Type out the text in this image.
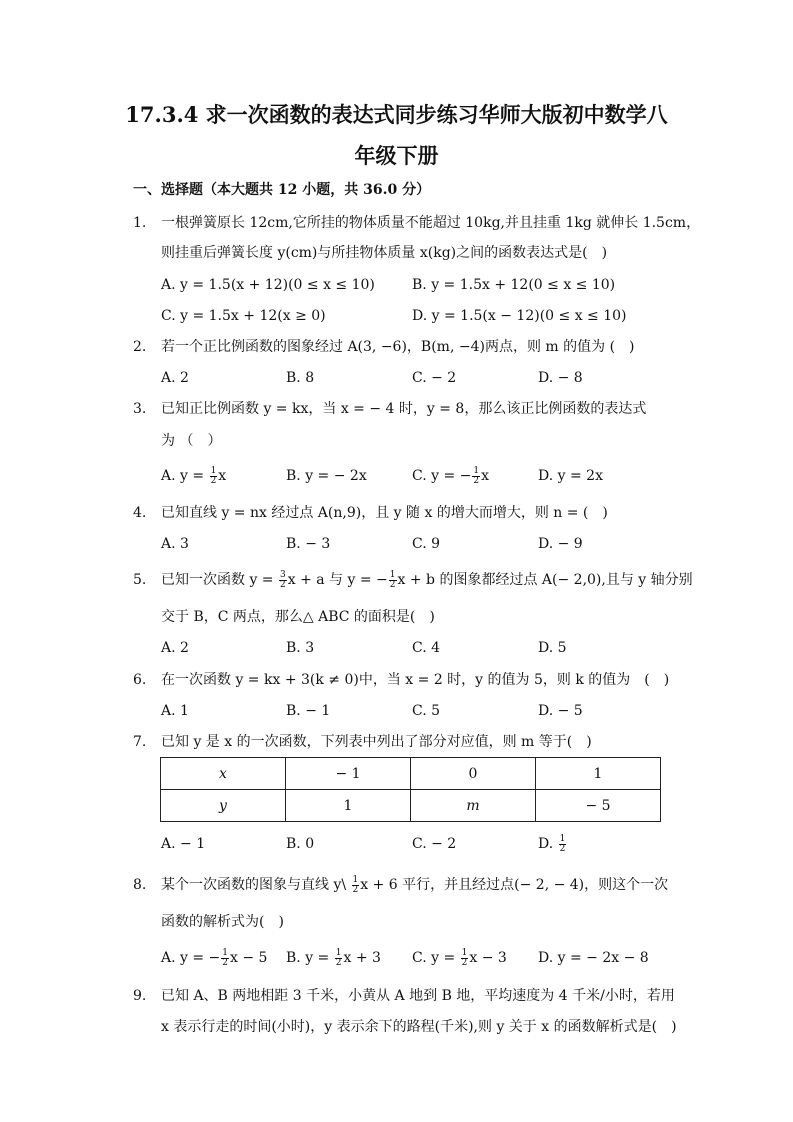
17.3.4 求一次函数的表达式同步练习华师大版初中数学八
年级下册
一、选择题（本大题共 12 小题，共 36.0 分）
1. 一根弹簧原长 12cm,它所挂的物体质量不能超过 10kg,并且挂重 1kg 就伸长 1.5cm，
则挂重后弹簧长度 y(cm)与所挂物体质量 x(kg)之间的函数表达式是(　)
A. y = 1.5(x + 12)(0 ≤ x ≤ 10)	B. y = 1.5x + 12(0 ≤ x ≤ 10)
C. y = 1.5x + 12(x ≥ 0)	D. y = 1.5(x − 12)(0 ≤ x ≤ 10)
2. 若一个正比例函数的图象经过 A(3, −6)，B(m, −4)两点，则 m 的值为 (　)
A. 2	B. 8	C. − 2	D. − 8
3. 已知正比例函数 y = kx，当 x = − 4 时，y = 8，那么该正比例函数的表达式
为 （　）
A. $y = \frac{1}{2}$ x	B. y = − 2x	C. y = − $\frac{1}{2}$ x	D. y = 2x
4. 已知直线 y = nx 经过点 A(n,9)，且 y 随 x 的增大而增大，则 n = (　)
A. 3	B. − 3	C. 9	D. − 9
5. 已知一次函数 $y = \frac{3}{2}$ x + a 与 y = − $\frac{1}{2}$ x + b 的图象都经过点 A(− 2,0),且与 y 轴分别
交于 B，C 两点，那么△ ABC 的面积是(　)
A. 2	B. 3	C. 4	D. 5
6. 在一次函数 y = kx + 3(k ≠ 0)中，当 x = 2 时，y 的值为 5，则 k 的值为　(　)
A. 1	B. − 1	C. 5	D. − 5
7. 已知 y 是 x 的一次函数，下列表中列出了部分对应值，则 m 等于(　)
x	− 1	0	1
y	1	m	− 5
A. − 1	B. 0	C. − 2	D. $\frac{1}{2}$
8. 某个一次函数的图象与直线 y\ $\frac{1}{2}$ x + 6 平行，并且经过点(− 2, − 4)，则这个一次
函数的解析式为(　)
A. y = − $\frac{1}{2}$ x − 5 B. $y = \frac{1}{2}$ x + 3 C. $y = \frac{1}{2}$ x − 3 D. y = − 2x − 8
9. 已知 A、B 两地相距 3 千米，小黄从 A 地到 B 地，平均速度为 4 千米/小时，若用
x 表示行走的时间(小时)，y 表示余下的路程(千米),则 y 关于 x 的函数解析式是(　)
